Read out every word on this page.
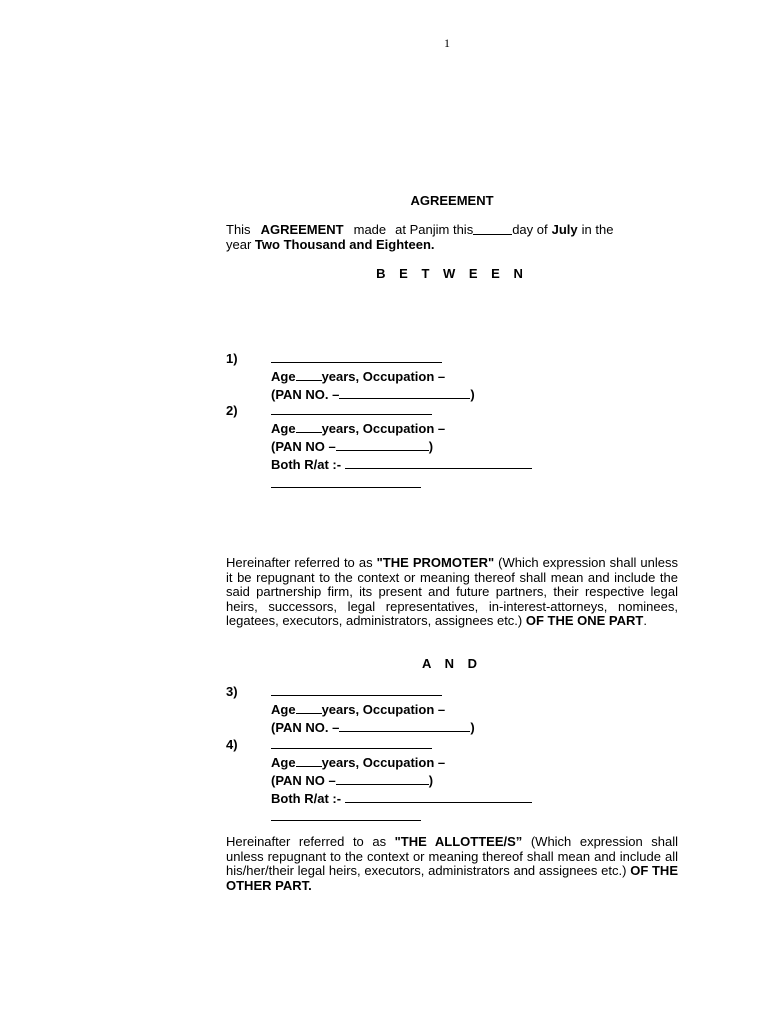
1
AGREEMENT
This AGREEMENT made at Panjim this	day of July in the
year Two Thousand and Eighteen.
B E T W E E N
1)
Age years, Occupation –
(PAN NO. –	)
2)
Age years, Occupation –
(PAN NO –	)
Both R/at :-
Hereinafter referred to as "THE PROMOTER" (Which expression shall unless it be repugnant to the context or meaning thereof shall mean and include the said partnership firm, its present and future partners, their respective legal heirs, successors, legal representatives, in-interest-attorneys, nominees, legatees, executors, administrators, assignees etc.) OF THE ONE PART.
A N D
3)
Age years, Occupation –
(PAN NO. –	)
4)
Age years, Occupation –
(PAN NO –	)
Both R/at :-
Hereinafter referred to as "THE ALLOTTEE/S” (Which expression shall unless repugnant to the context or meaning thereof shall mean and include all his/her/their legal heirs, executors, administrators and assignees etc.) OF THE OTHER PART.
